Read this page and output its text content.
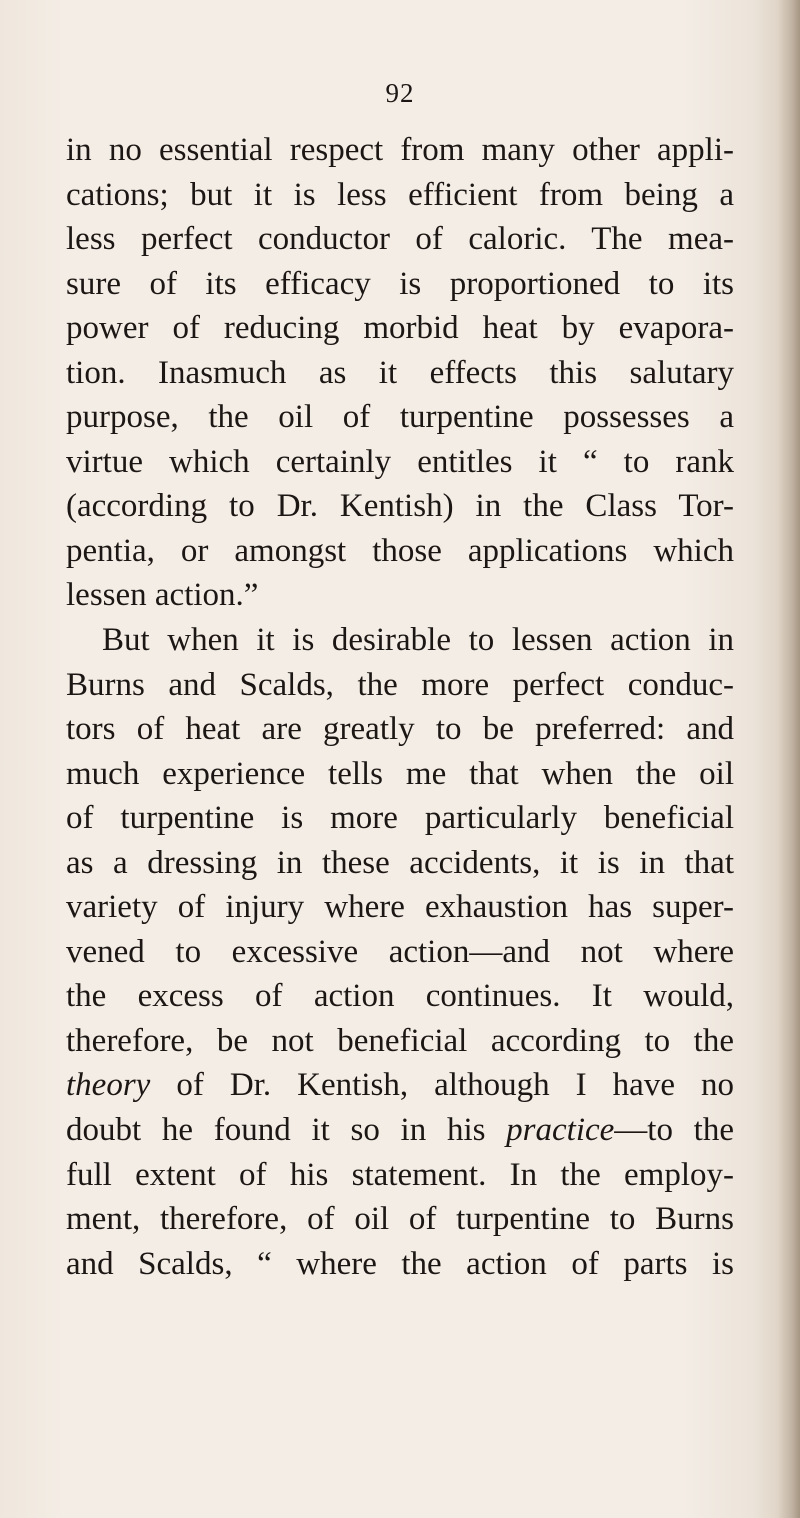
92
in no essential respect from many other appli-
cations; but it is less efficient from being a
less perfect conductor of caloric. The mea-
sure of its efficacy is proportioned to its
power of reducing morbid heat by evapora-
tion. Inasmuch as it effects this salutary
purpose, the oil of turpentine possesses a
virtue which certainly entitles it “ to rank
(according to Dr. Kentish) in the Class Tor-
pentia, or amongst those applications which
lessen action.”
But when it is desirable to lessen action in
Burns and Scalds, the more perfect conduc-
tors of heat are greatly to be preferred: and
much experience tells me that when the oil
of turpentine is more particularly beneficial
as a dressing in these accidents, it is in that
variety of injury where exhaustion has super-
vened to excessive action—and not where
the excess of action continues. It would,
therefore, be not beneficial according to the
theory of Dr. Kentish, although I have no
doubt he found it so in his practice—to the
full extent of his statement. In the employ-
ment, therefore, of oil of turpentine to Burns
and Scalds, “ where the action of parts is
